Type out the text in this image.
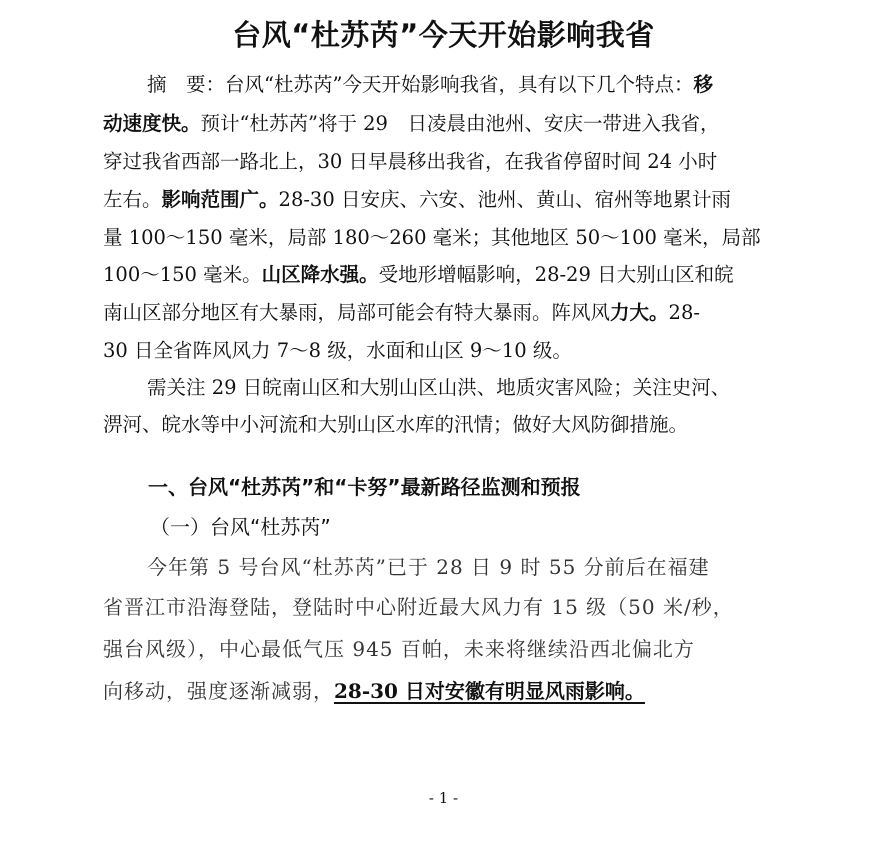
台风“杜苏芮”今天开始影响我省
摘　要：台风“杜苏芮”今天开始影响我省，具有以下几个特点：移
动速度快。预计“杜苏芮”将于 29　日凌晨由池州、安庆一带进入我省，
穿过我省西部一路北上，30 日早晨移出我省，在我省停留时间 24 小时
左右。影响范围广。28-30 日安庆、六安、池州、黄山、宿州等地累计雨
量 100～150 毫米，局部 180～260 毫米；其他地区 50～100 毫米，局部
100～150 毫米。山区降水强。受地形增幅影响，28-29 日大别山区和皖
南山区部分地区有大暴雨，局部可能会有特大暴雨。阵风风力大。28-
30 日全省阵风风力 7～8 级，水面和山区 9～10 级。
需关注 29 日皖南山区和大别山区山洪、地质灾害风险；关注史河、
淠河、皖水等中小河流和大别山区水库的汛情；做好大风防御措施。
一、台风“杜苏芮”和“卡努”最新路径监测和预报
（一）台风“杜苏芮”
今年第 5 号台风“杜苏芮”已于 28 日 9 时 55 分前后在福建
省晋江市沿海登陆，登陆时中心附近最大风力有 15 级（50 米/秒，
强台风级），中心最低气压 945 百帕，未来将继续沿西北偏北方
向移动，强度逐渐减弱，28-30 日对安徽有明显风雨影响。
- 1 -
